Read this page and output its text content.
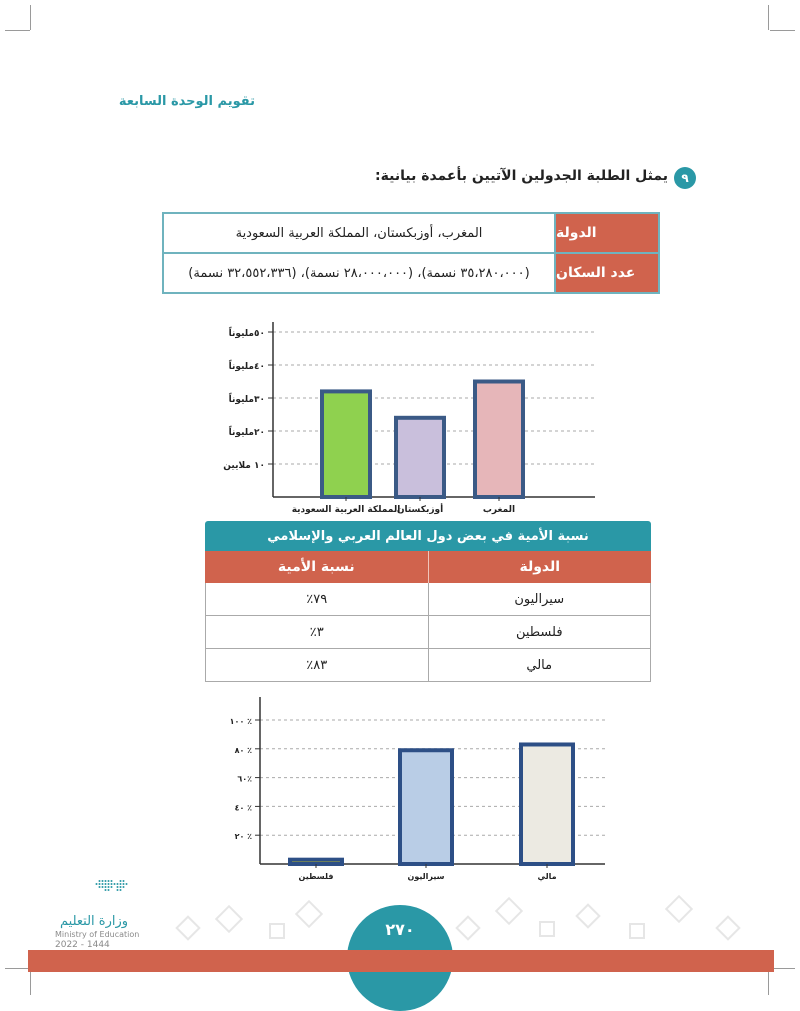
تقويم الوحدة السابعة
٩
يمثل الطلبة الجدولين الآتيين بأعمدة بيانية:
المغرب، أوزبكستان، المملكة العربية السعودية	الدولة
(٣٥،٢٨٠،٠٠٠ نسمة)، (٢٨،٠٠٠،٠٠٠ نسمة)، (٣٢،٥٥٢،٣٣٦ نسمة)	عدد السكان
١٠ ملايين
٢٠مليوناً
٣٠مليوناً
٤٠مليوناً
٥٠مليوناً
المملكة العربية السعودية
أوزبكستان	المغرب
نسبة الأمية في بعض دول العالم العربي والإسلامي
نسبة الأمية	الدولة
٧٩٪	سيراليون
٣٪	فلسطين
٨٣٪	مالي
٢٠ ٪
٤٠ ٪
٦٠٪
٨٠ ٪
١٠٠ ٪
فلسطين	سيراليون	مالي
٢٧٠
وزارة التعليم
Ministry of Education
2022 - 1444
